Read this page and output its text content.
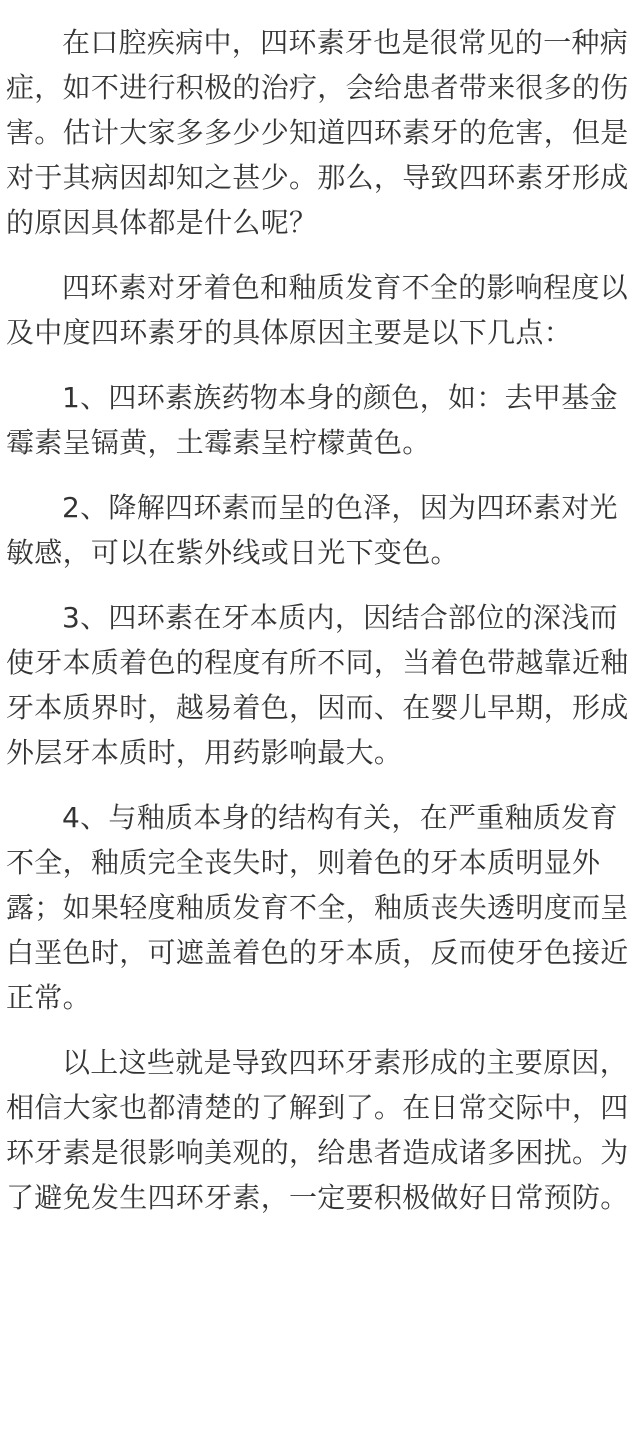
在口腔疾病中，四环素牙也是很常见的一种病症，如不进行积极的治疗，会给患者带来很多的伤害。估计大家多多少少知道四环素牙的危害，但是对于其病因却知之甚少。那么，导致四环素牙形成的原因具体都是什么呢？

四环素对牙着色和釉质发育不全的影响程度以及中度四环素牙的具体原因主要是以下几点：

1、四环素族药物本身的颜色，如：去甲基金霉素呈镉黄，土霉素呈柠檬黄色。

2、降解四环素而呈的色泽，因为四环素对光敏感，可以在紫外线或日光下变色。

3、四环素在牙本质内，因结合部位的深浅而使牙本质着色的程度有所不同，当着色带越靠近釉牙本质界时，越易着色，因而、在婴儿早期，形成外层牙本质时，用药影响最大。

4、与釉质本身的结构有关，在严重釉质发育不全，釉质完全丧失时，则着色的牙本质明显外露；如果轻度釉质发育不全，釉质丧失透明度而呈白垩色时，可遮盖着色的牙本质，反而使牙色接近正常。

以上这些就是导致四环牙素形成的主要原因，相信大家也都清楚的了解到了。在日常交际中，四环牙素是很影响美观的，给患者造成诸多困扰。为了避免发生四环牙素，一定要积极做好日常预防。
